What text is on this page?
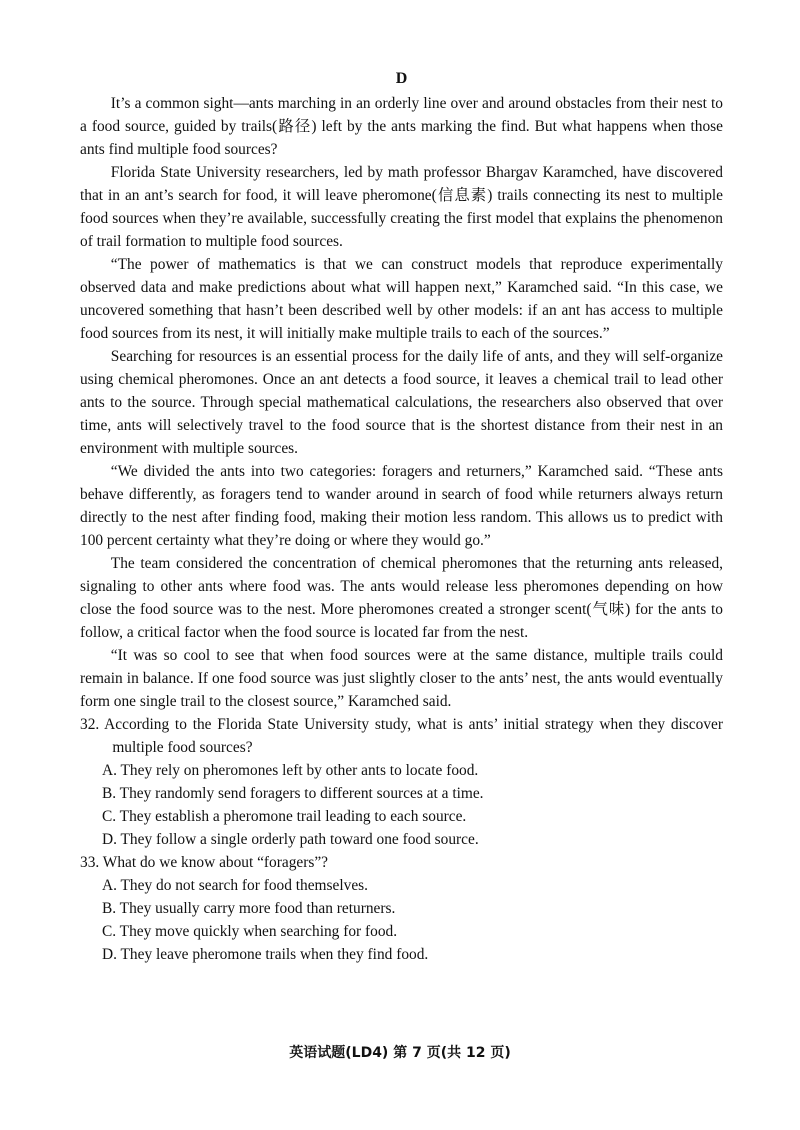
D

It’s a common sight—ants marching in an orderly line over and around obstacles from their nest to a food source, guided by trails(路径) left by the ants marking the find. But what happens when those ants find multiple food sources?

Florida State University researchers, led by math professor Bhargav Karamched, have discovered that in an ant’s search for food, it will leave pheromone(信息素) trails connecting its nest to multiple food sources when they’re available, successfully creating the first model that explains the phenomenon of trail formation to multiple food sources.

“The power of mathematics is that we can construct models that reproduce experimentally observed data and make predictions about what will happen next,” Karamched said. “In this case, we uncovered something that hasn’t been described well by other models: if an ant has access to multiple food sources from its nest, it will initially make multiple trails to each of the sources.”

Searching for resources is an essential process for the daily life of ants, and they will self-organize using chemical pheromones. Once an ant detects a food source, it leaves a chemical trail to lead other ants to the source. Through special mathematical calculations, the researchers also observed that over time, ants will selectively travel to the food source that is the shortest distance from their nest in an environment with multiple sources.

“We divided the ants into two categories: foragers and returners,” Karamched said. “These ants behave differently, as foragers tend to wander around in search of food while returners always return directly to the nest after finding food, making their motion less random. This allows us to predict with 100 percent certainty what they’re doing or where they would go.”

The team considered the concentration of chemical pheromones that the returning ants released, signaling to other ants where food was. The ants would release less pheromones depending on how close the food source was to the nest. More pheromones created a stronger scent(气味) for the ants to follow, a critical factor when the food source is located far from the nest.

“It was so cool to see that when food sources were at the same distance, multiple trails could remain in balance. If one food source was just slightly closer to the ants’ nest, the ants would eventually form one single trail to the closest source,” Karamched said.

32. According to the Florida State University study, what is ants’ initial strategy when they discover multiple food sources?
A. They rely on pheromones left by other ants to locate food.
B. They randomly send foragers to different sources at a time.
C. They establish a pheromone trail leading to each source.
D. They follow a single orderly path toward one food source.
33. What do we know about “foragers”?
A. They do not search for food themselves.
B. They usually carry more food than returners.
C. They move quickly when searching for food.
D. They leave pheromone trails when they find food.
英语试题(LD4) 第 7 页(共 12 页)
